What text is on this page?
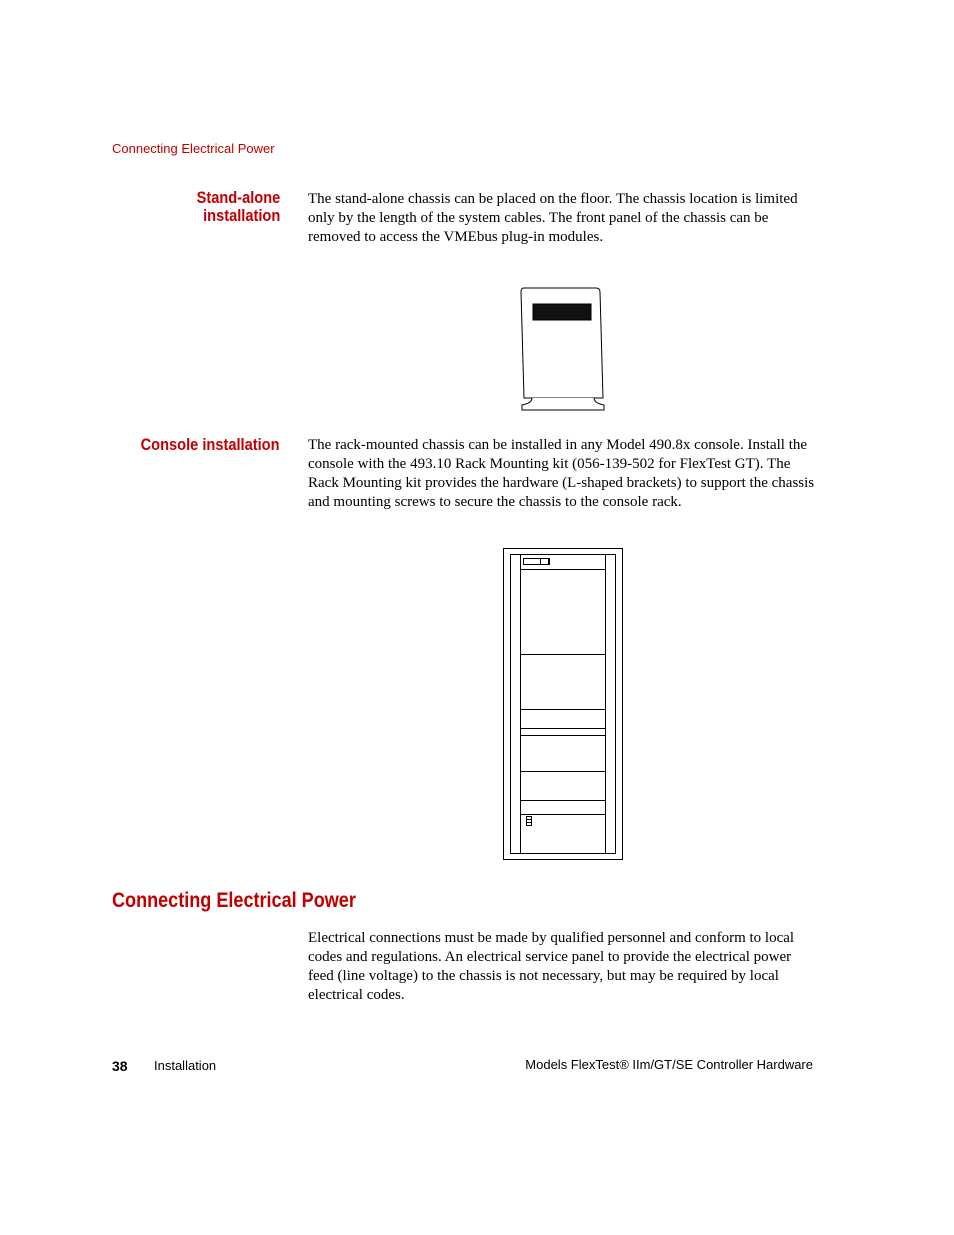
Connecting Electrical Power
Stand-alone
installation

The stand-alone chassis can be placed on the floor. The chassis location is limited only by the length of the system cables. The front panel of the chassis can be removed to access the VMEbus plug-in modules.

Console installation The rack-mounted chassis can be installed in any Model 490.8x console. Install the console with the 493.10 Rack Mounting kit (056-139-502 for FlexTest GT). The Rack Mounting kit provides the hardware (L-shaped brackets) to support the chassis and mounting screws to secure the chassis to the console rack.

Connecting Electrical Power

Electrical connections must be made by qualified personnel and conform to local codes and regulations. An electrical service panel to provide the electrical power feed (line voltage) to the chassis is not necessary, but may be required by local electrical codes.

38 Installation	Models FlexTest® IIm/GT/SE Controller Hardware
